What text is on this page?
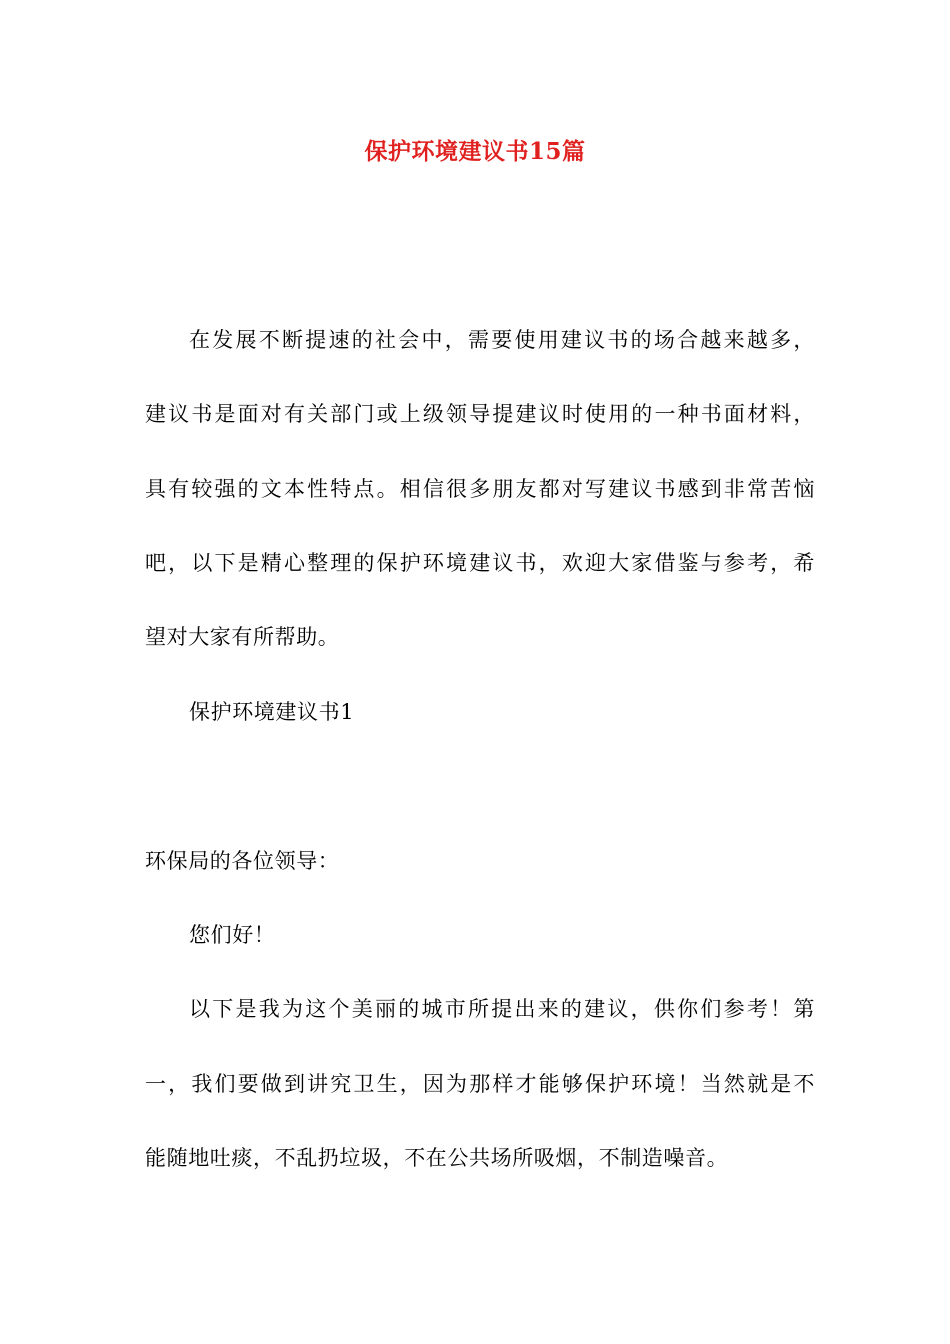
保护环境建议书15篇
在发展不断提速的社会中，需要使用建议书的场合越来越多，
建议书是面对有关部门或上级领导提建议时使用的一种书面材料，
具有较强的文本性特点。相信很多朋友都对写建议书感到非常苦恼
吧，以下是精心整理的保护环境建议书，欢迎大家借鉴与参考，希
望对大家有所帮助。
保护环境建议书1
环保局的各位领导：
您们好！
以下是我为这个美丽的城市所提出来的建议，供你们参考！第
一，我们要做到讲究卫生，因为那样才能够保护环境！当然就是不
能随地吐痰，不乱扔垃圾，不在公共场所吸烟，不制造噪音。
